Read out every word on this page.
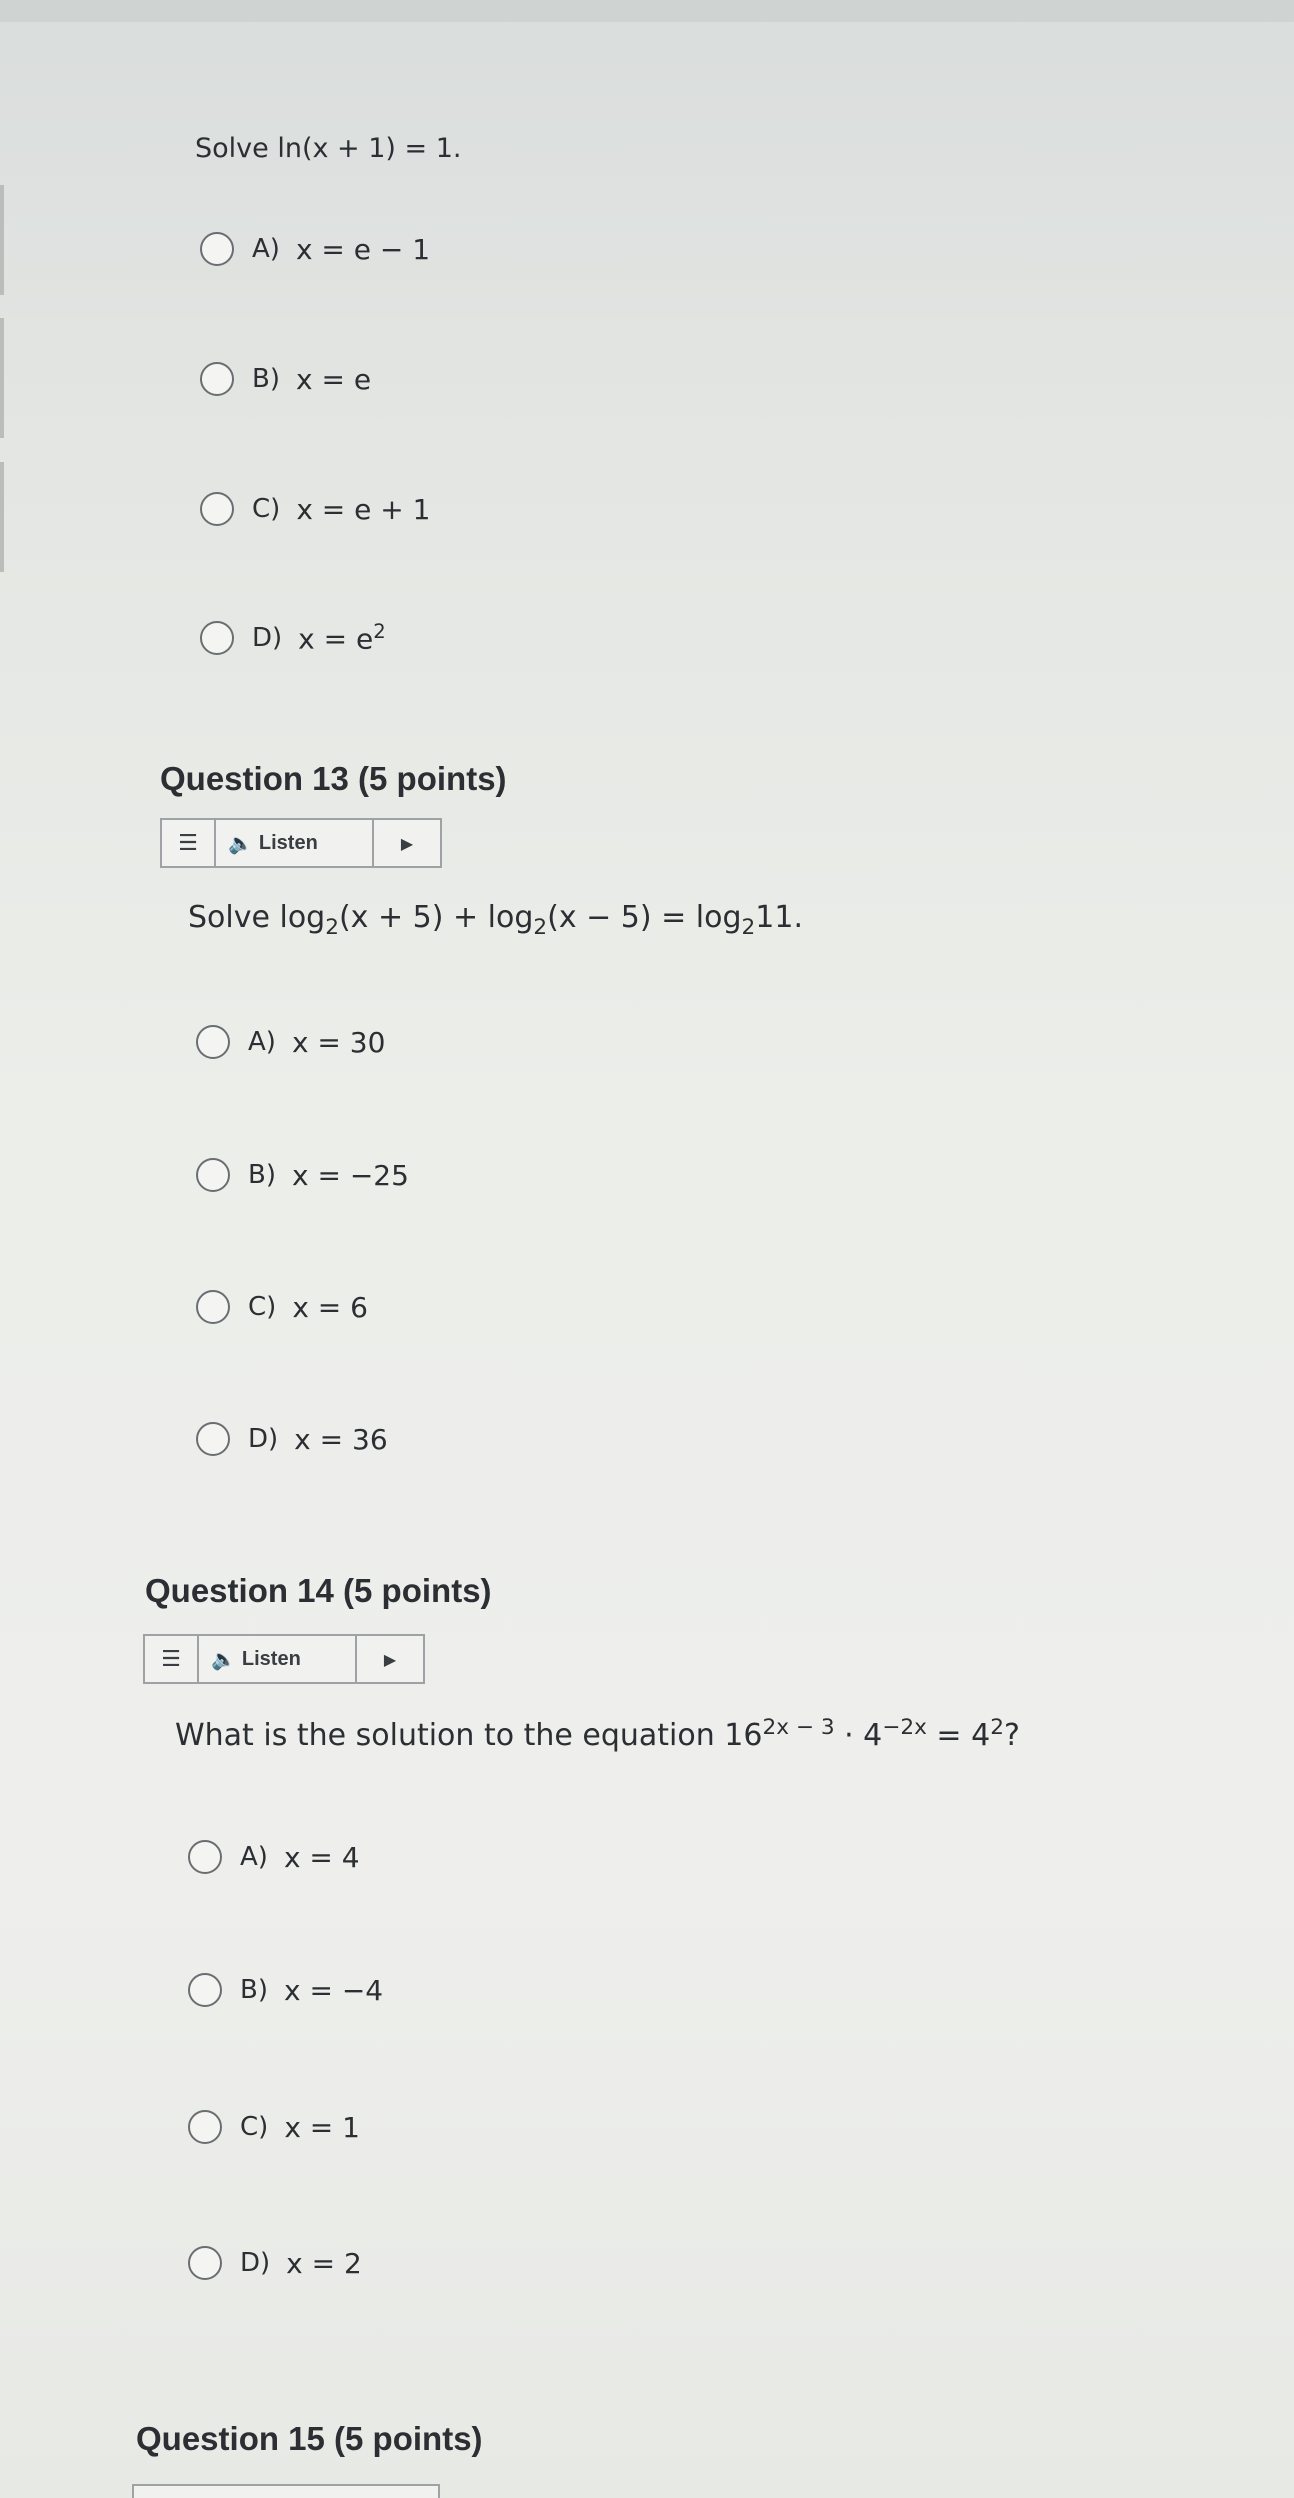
Solve ln(x + 1) = 1.
A) x = e − 1
B) x = e
C) x = e + 1
D) $x = e^2$
Question 13 (5 points)
☰	🔈 Listen	▶
Solve $\log_2(x + 5) + \log_2(x - 5) = \log_211$.
A) x = 30
B) x = −25
C) x = 6
D) x = 36
Question 14 (5 points)
☰	🔈 Listen	▶
What is the solution to the equation $16^{2x - 3} \cdot 4^{-2x} = 4^2$?
A) x = 4
B) x = −4
C) x = 1
D) x = 2
Question 15 (5 points)
